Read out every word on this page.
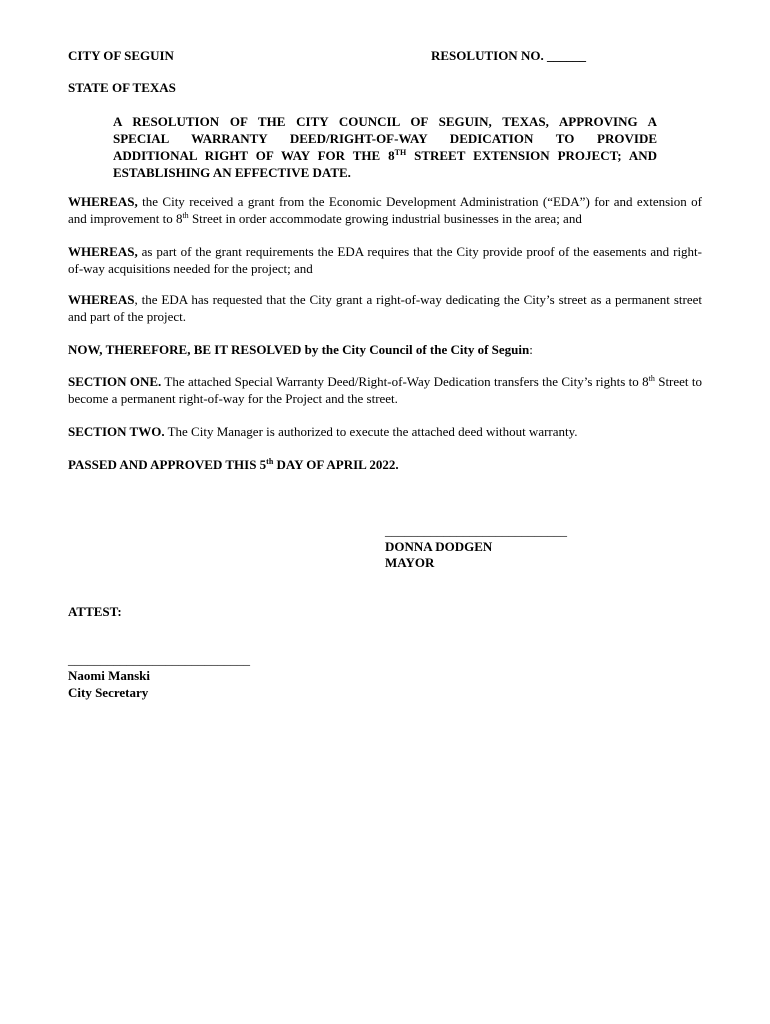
CITY OF SEGUIN	RESOLUTION NO. ______
STATE OF TEXAS
A RESOLUTION OF THE CITY COUNCIL OF SEGUIN, TEXAS, APPROVING A
SPECIAL WARRANTY DEED/RIGHT-OF-WAY DEDICATION TO PROVIDE
ADDITIONAL RIGHT OF WAY FOR THE 8TH STREET EXTENSION PROJECT; AND
ESTABLISHING AN EFFECTIVE DATE.
WHEREAS, the City received a grant from the Economic Development Administration (“EDA”) for and extension of and improvement to 8th Street in order accommodate growing industrial businesses in the area; and
WHEREAS, as part of the grant requirements the EDA requires that the City provide proof of the easements and right-of-way acquisitions needed for the project; and
WHEREAS, the EDA has requested that the City grant a right-of-way dedicating the City’s street as a permanent street and part of the project.
NOW, THEREFORE, BE IT RESOLVED by the City Council of the City of Seguin:
SECTION ONE. The attached Special Warranty Deed/Right-of-Way Dedication transfers the City’s rights to 8th Street to become a permanent right-of-way for the Project and the street.
SECTION TWO. The City Manager is authorized to execute the attached deed without warranty.
PASSED AND APPROVED THIS 5th DAY OF APRIL 2022.
____________________________
DONNA DODGEN
MAYOR
ATTEST:
____________________________
Naomi Manski
City Secretary
